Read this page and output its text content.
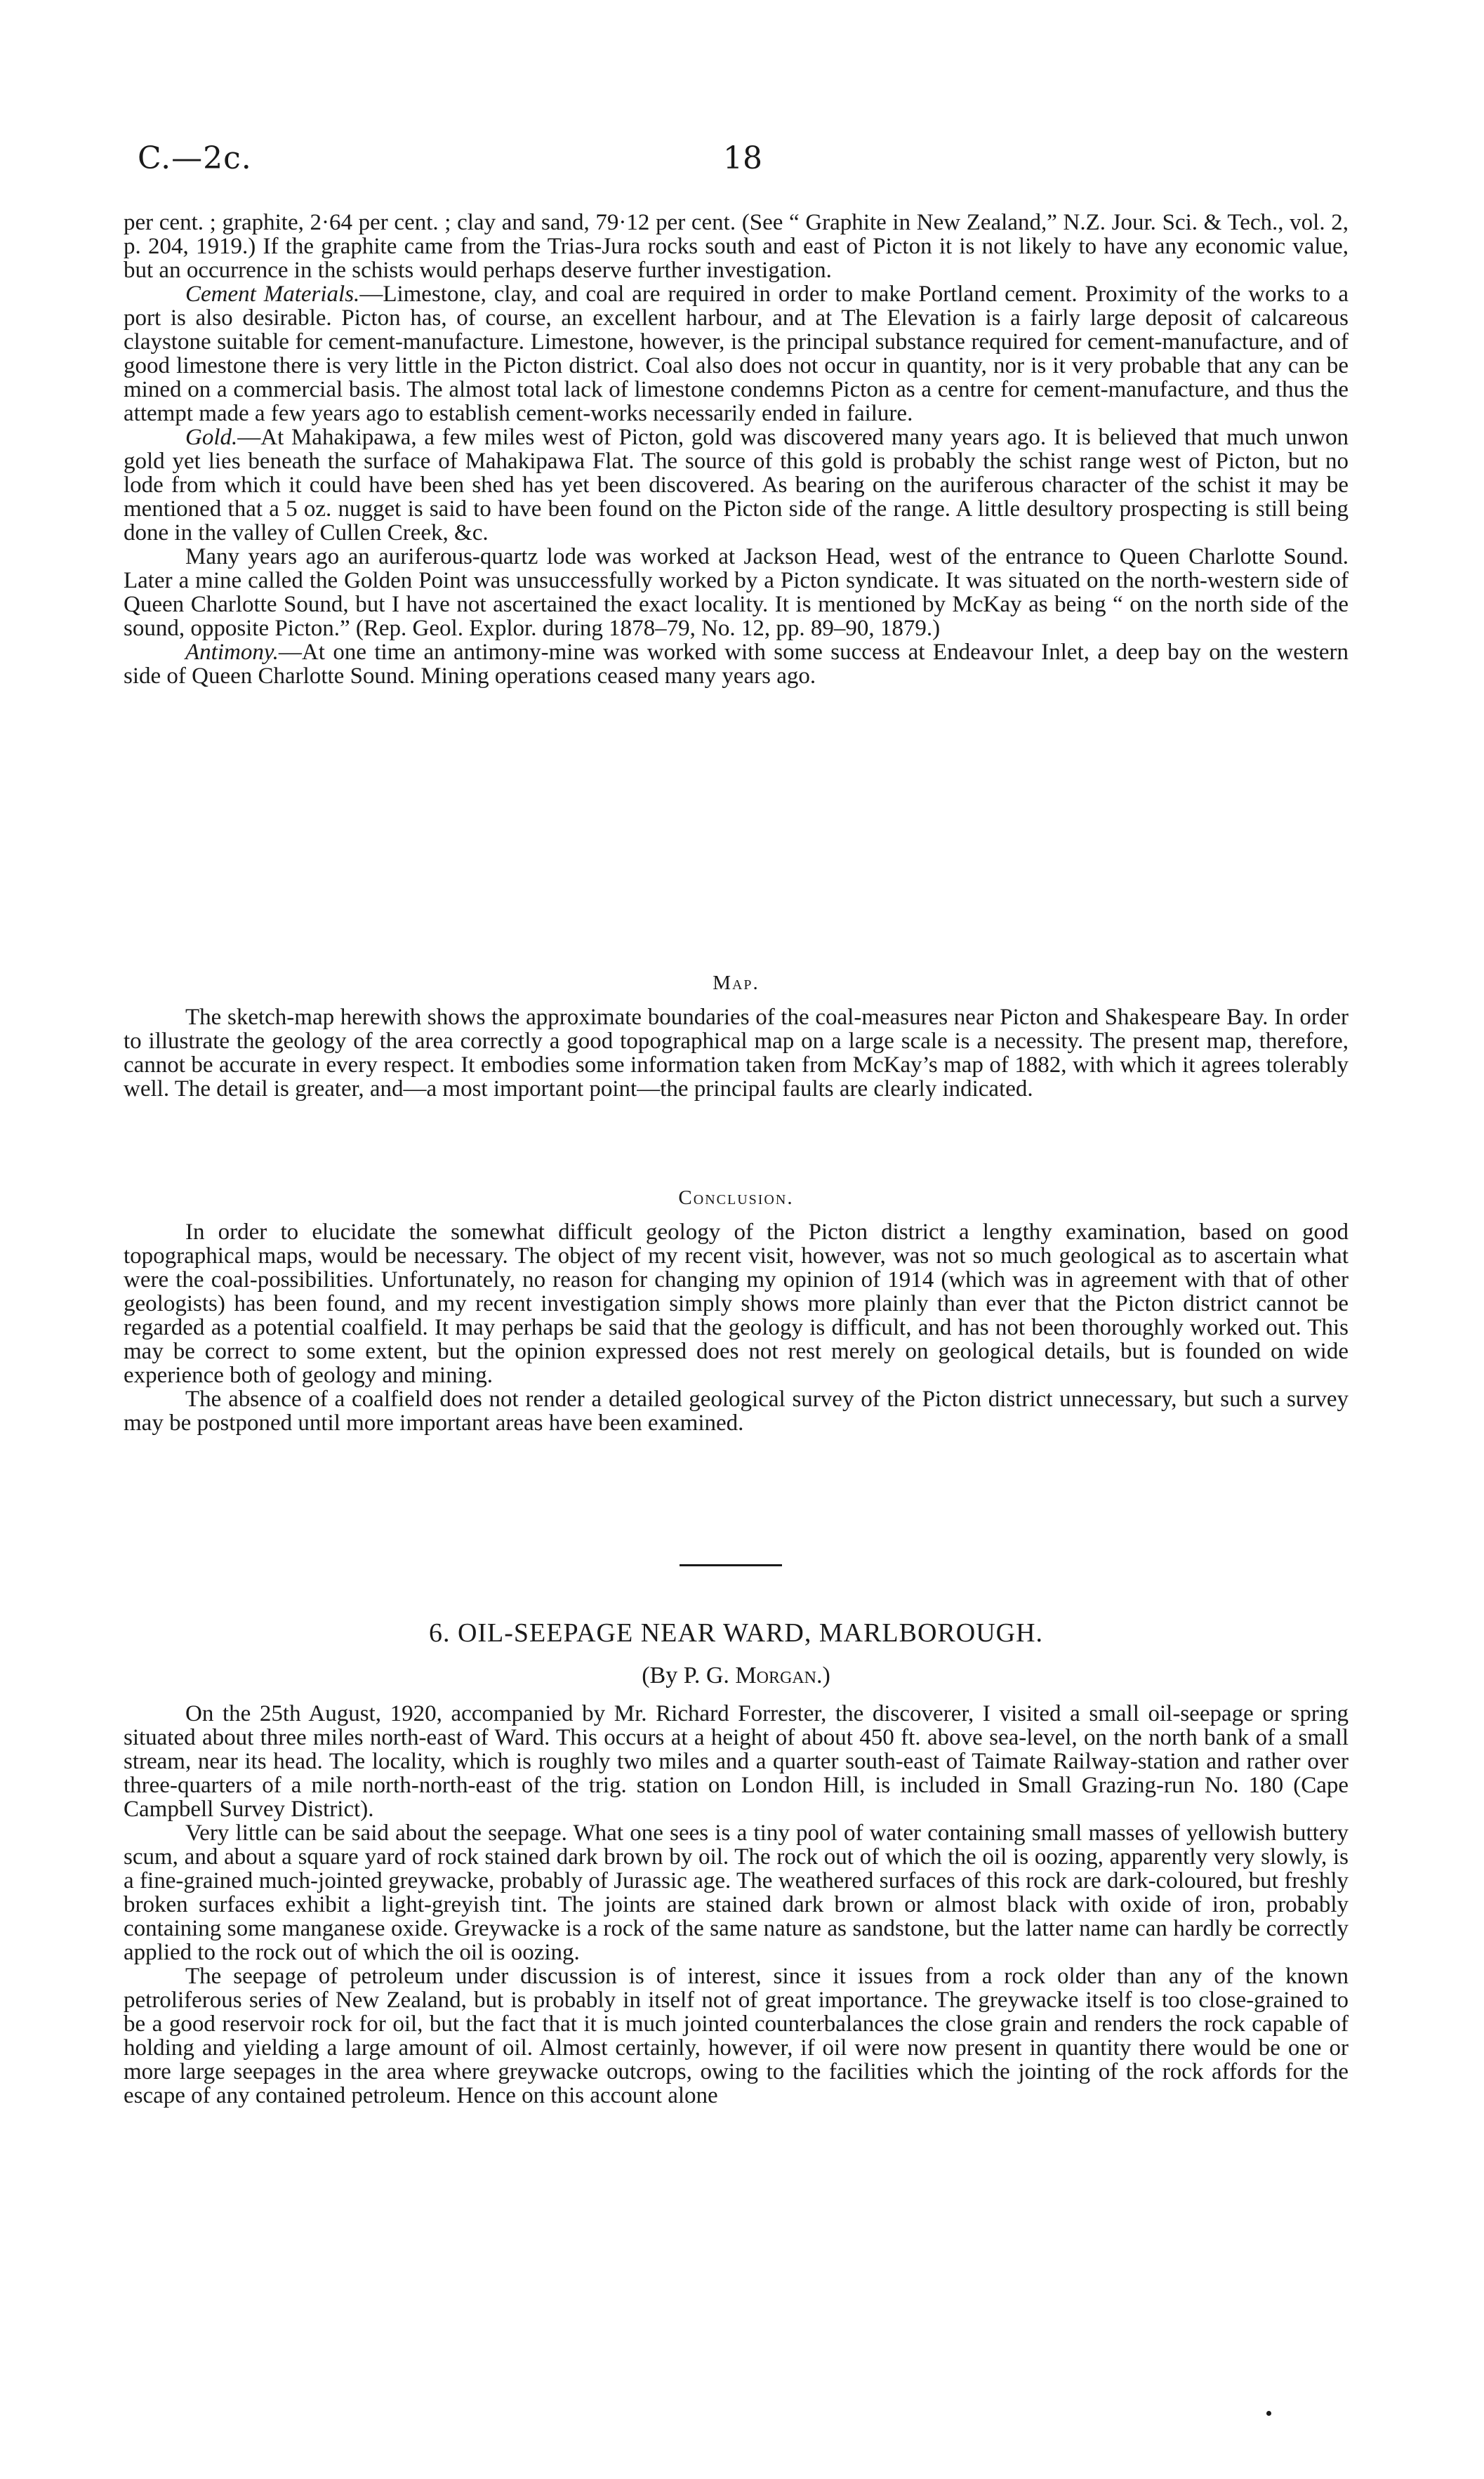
C.—2c.	18

per cent. ; graphite, 2·64 per cent. ; clay and sand, 79·12 per cent. (See “ Graphite in New Zealand,” N.Z. Jour. Sci. & Tech., vol. 2, p. 204, 1919.) If the graphite came from the Trias-Jura rocks south and east of Picton it is not likely to have any economic value, but an occurrence in the schists would perhaps deserve further investigation.

Cement Materials.—Limestone, clay, and coal are required in order to make Portland cement. Proximity of the works to a port is also desirable. Picton has, of course, an excellent harbour, and at The Elevation is a fairly large deposit of calcareous claystone suitable for cement-manufacture. Limestone, however, is the principal substance required for cement-manufacture, and of good limestone there is very little in the Picton district. Coal also does not occur in quantity, nor is it very probable that any can be mined on a commercial basis. The almost total lack of limestone condemns Picton as a centre for cement-manufacture, and thus the attempt made a few years ago to establish cement-works necessarily ended in failure.

Gold.—At Mahakipawa, a few miles west of Picton, gold was discovered many years ago. It is believed that much unwon gold yet lies beneath the surface of Mahakipawa Flat. The source of this gold is probably the schist range west of Picton, but no lode from which it could have been shed has yet been discovered. As bearing on the auriferous character of the schist it may be mentioned that a 5 oz. nugget is said to have been found on the Picton side of the range. A little desultory prospecting is still being done in the valley of Cullen Creek, &c.

Many years ago an auriferous-quartz lode was worked at Jackson Head, west of the entrance to Queen Charlotte Sound. Later a mine called the Golden Point was unsuccessfully worked by a Picton syndicate. It was situated on the north-western side of Queen Charlotte Sound, but I have not ascertained the exact locality. It is mentioned by McKay as being “ on the north side of the sound, opposite Picton.” (Rep. Geol. Explor. during 1878–79, No. 12, pp. 89–90, 1879.)

Antimony.—At one time an antimony-mine was worked with some success at Endeavour Inlet, a deep bay on the western side of Queen Charlotte Sound. Mining operations ceased many years ago.

Map.

The sketch-map herewith shows the approximate boundaries of the coal-measures near Picton and Shakespeare Bay. In order to illustrate the geology of the area correctly a good topographical map on a large scale is a necessity. The present map, therefore, cannot be accurate in every respect. It embodies some information taken from McKay’s map of 1882, with which it agrees tolerably well. The detail is greater, and—a most important point—the principal faults are clearly indicated.

Conclusion.

In order to elucidate the somewhat difficult geology of the Picton district a lengthy examination, based on good topographical maps, would be necessary. The object of my recent visit, however, was not so much geological as to ascertain what were the coal-possibilities. Unfortunately, no reason for changing my opinion of 1914 (which was in agreement with that of other geologists) has been found, and my recent investigation simply shows more plainly than ever that the Picton district cannot be regarded as a potential coalfield. It may perhaps be said that the geology is difficult, and has not been thoroughly worked out. This may be correct to some extent, but the opinion expressed does not rest merely on geological details, but is founded on wide experience both of geology and mining.

The absence of a coalfield does not render a detailed geological survey of the Picton district unnecessary, but such a survey may be postponed until more important areas have been examined.

6. OIL-SEEPAGE NEAR WARD, MARLBOROUGH.
(By P. G. Morgan.)

On the 25th August, 1920, accompanied by Mr. Richard Forrester, the discoverer, I visited a small oil-seepage or spring situated about three miles north-east of Ward. This occurs at a height of about 450 ft. above sea-level, on the north bank of a small stream, near its head. The locality, which is roughly two miles and a quarter south-east of Taimate Railway-station and rather over three-quarters of a mile north-north-east of the trig. station on London Hill, is included in Small Grazing-run No. 180 (Cape Campbell Survey District).

Very little can be said about the seepage. What one sees is a tiny pool of water containing small masses of yellowish buttery scum, and about a square yard of rock stained dark brown by oil. The rock out of which the oil is oozing, apparently very slowly, is a fine-grained much-jointed greywacke, probably of Jurassic age. The weathered surfaces of this rock are dark-coloured, but freshly broken surfaces exhibit a light-greyish tint. The joints are stained dark brown or almost black with oxide of iron, probably containing some manganese oxide. Greywacke is a rock of the same nature as sandstone, but the latter name can hardly be correctly applied to the rock out of which the oil is oozing.

The seepage of petroleum under discussion is of interest, since it issues from a rock older than any of the known petroliferous series of New Zealand, but is probably in itself not of great importance. The greywacke itself is too close-grained to be a good reservoir rock for oil, but the fact that it is much jointed counterbalances the close grain and renders the rock capable of holding and yielding a large amount of oil. Almost certainly, however, if oil were now present in quantity there would be one or more large seepages in the area where greywacke outcrops, owing to the facilities which the jointing of the rock affords for the escape of any contained petroleum. Hence on this account alone
